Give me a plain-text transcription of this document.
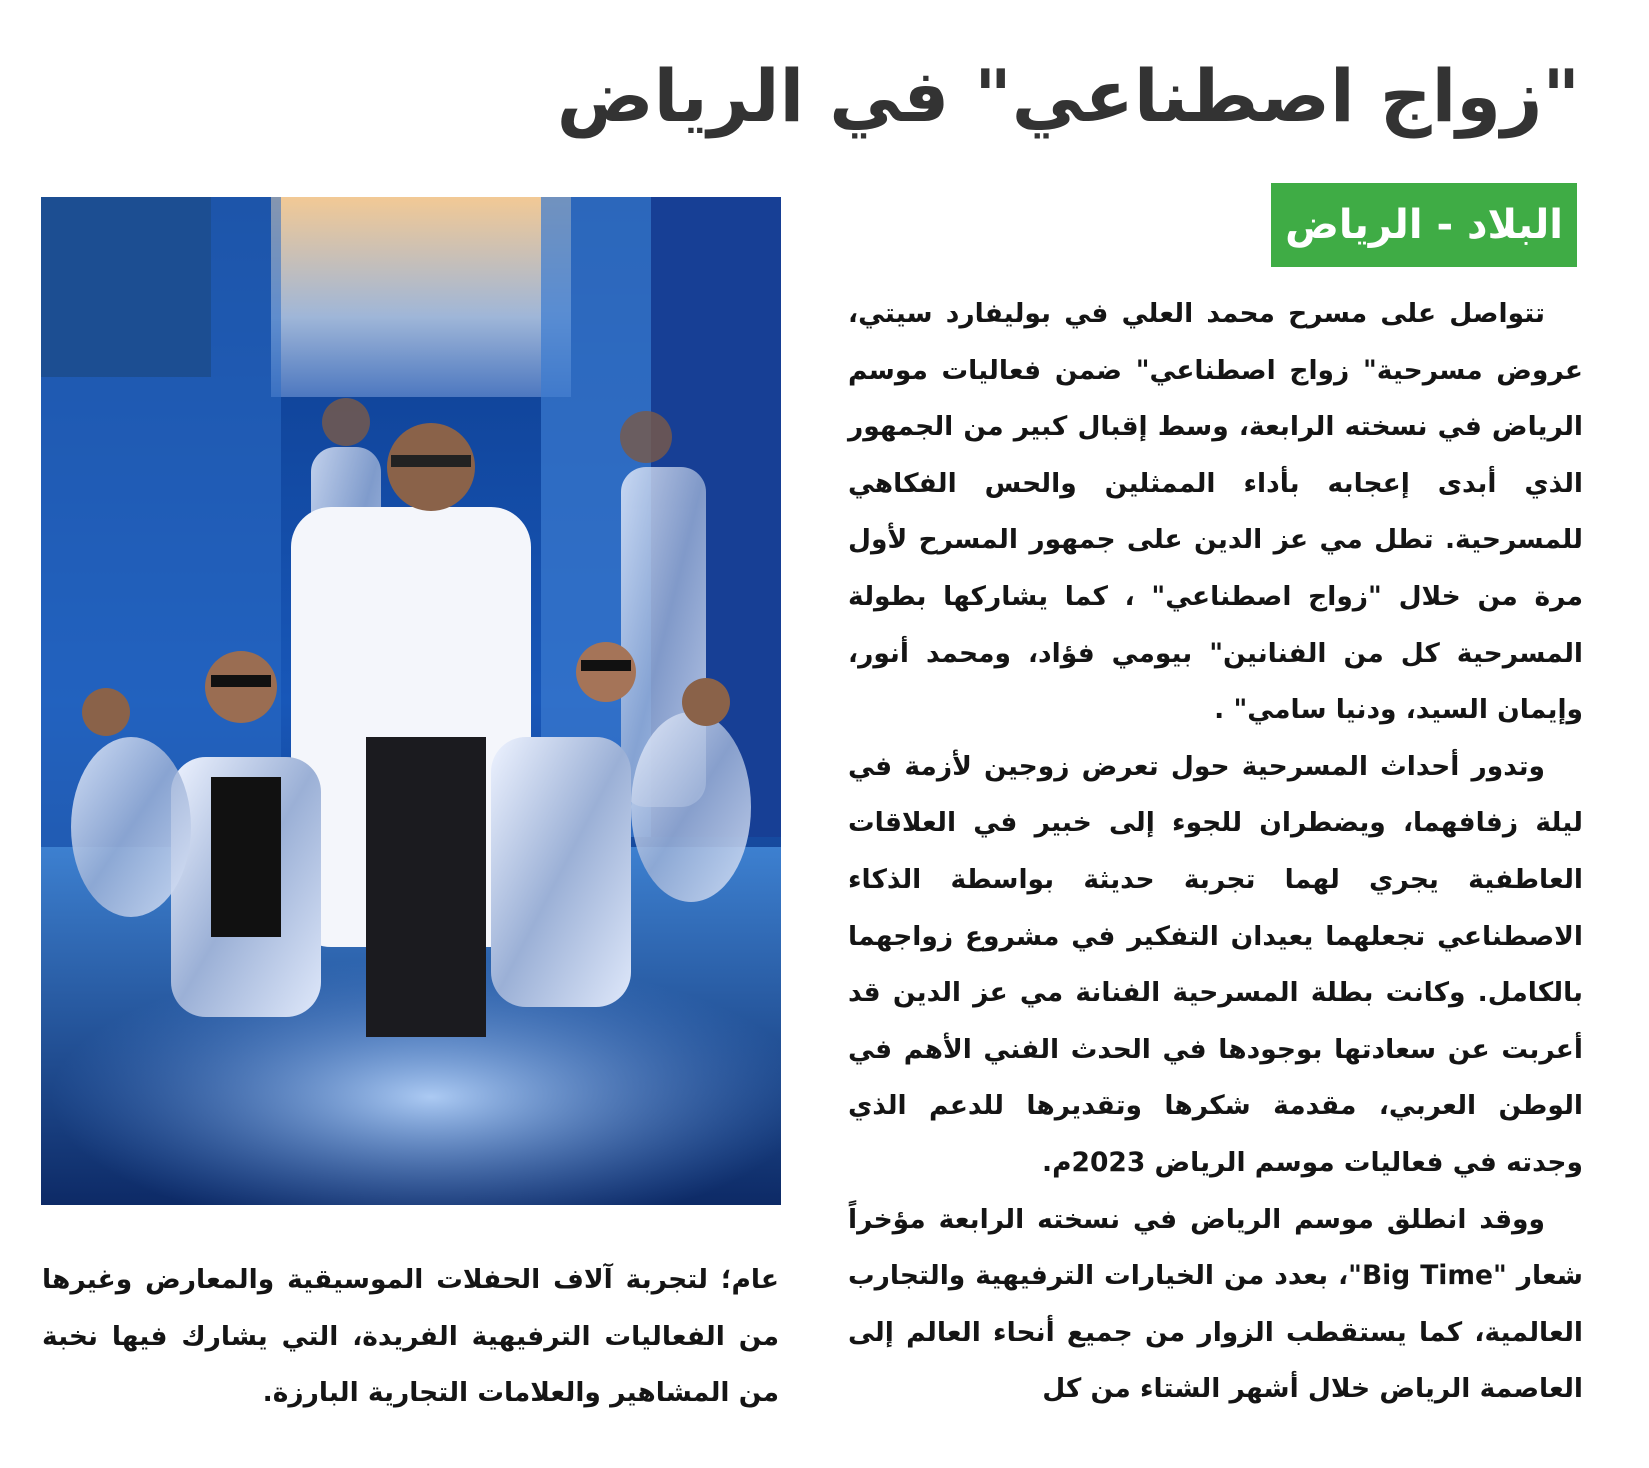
"زواج اصطناعي" في الرياض
البلاد - الرياض

تتواصل على مسرح محمد العلي في بوليفارد سيتي، عروض مسرحية" زواج اصطناعي" ضمن فعاليات موسم الرياض في نسخته الرابعة، وسط إقبال كبير من الجمهور الذي أبدى إعجابه بأداء الممثلين والحس الفكاهي للمسرحية. تطل مي عز الدين على جمهور المسرح لأول مرة من خلال "زواج اصطناعي" ، كما يشاركها بطولة المسرحية كل من الفنانين" بيومي فؤاد، ومحمد أنور، وإيمان السيد، ودنيا سامي" .

وتدور أحداث المسرحية حول تعرض زوجين لأزمة في ليلة زفافهما، ويضطران للجوء إلى خبير في العلاقات العاطفية يجري لهما تجربة حديثة بواسطة الذكاء الاصطناعي تجعلهما يعيدان التفكير في مشروع زواجهما بالكامل. وكانت بطلة المسرحية الفنانة مي عز الدين قد أعربت عن سعادتها بوجودها في الحدث الفني الأهم في الوطن العربي، مقدمة شكرها وتقديرها للدعم الذي وجدته في فعاليات موسم الرياض 2023م.

ووقد انطلق موسم الرياض في نسخته الرابعة مؤخراً شعار "Big Time"، بعدد من الخيارات الترفيهية والتجارب العالمية، كما يستقطب الزوار من جميع أنحاء العالم إلى العاصمة الرياض خلال أشهر الشتاء من كل

عام؛ لتجربة آلاف الحفلات الموسيقية والمعارض وغيرها من الفعاليات الترفيهية الفريدة، التي يشارك فيها نخبة من المشاهير والعلامات التجارية البارزة.
